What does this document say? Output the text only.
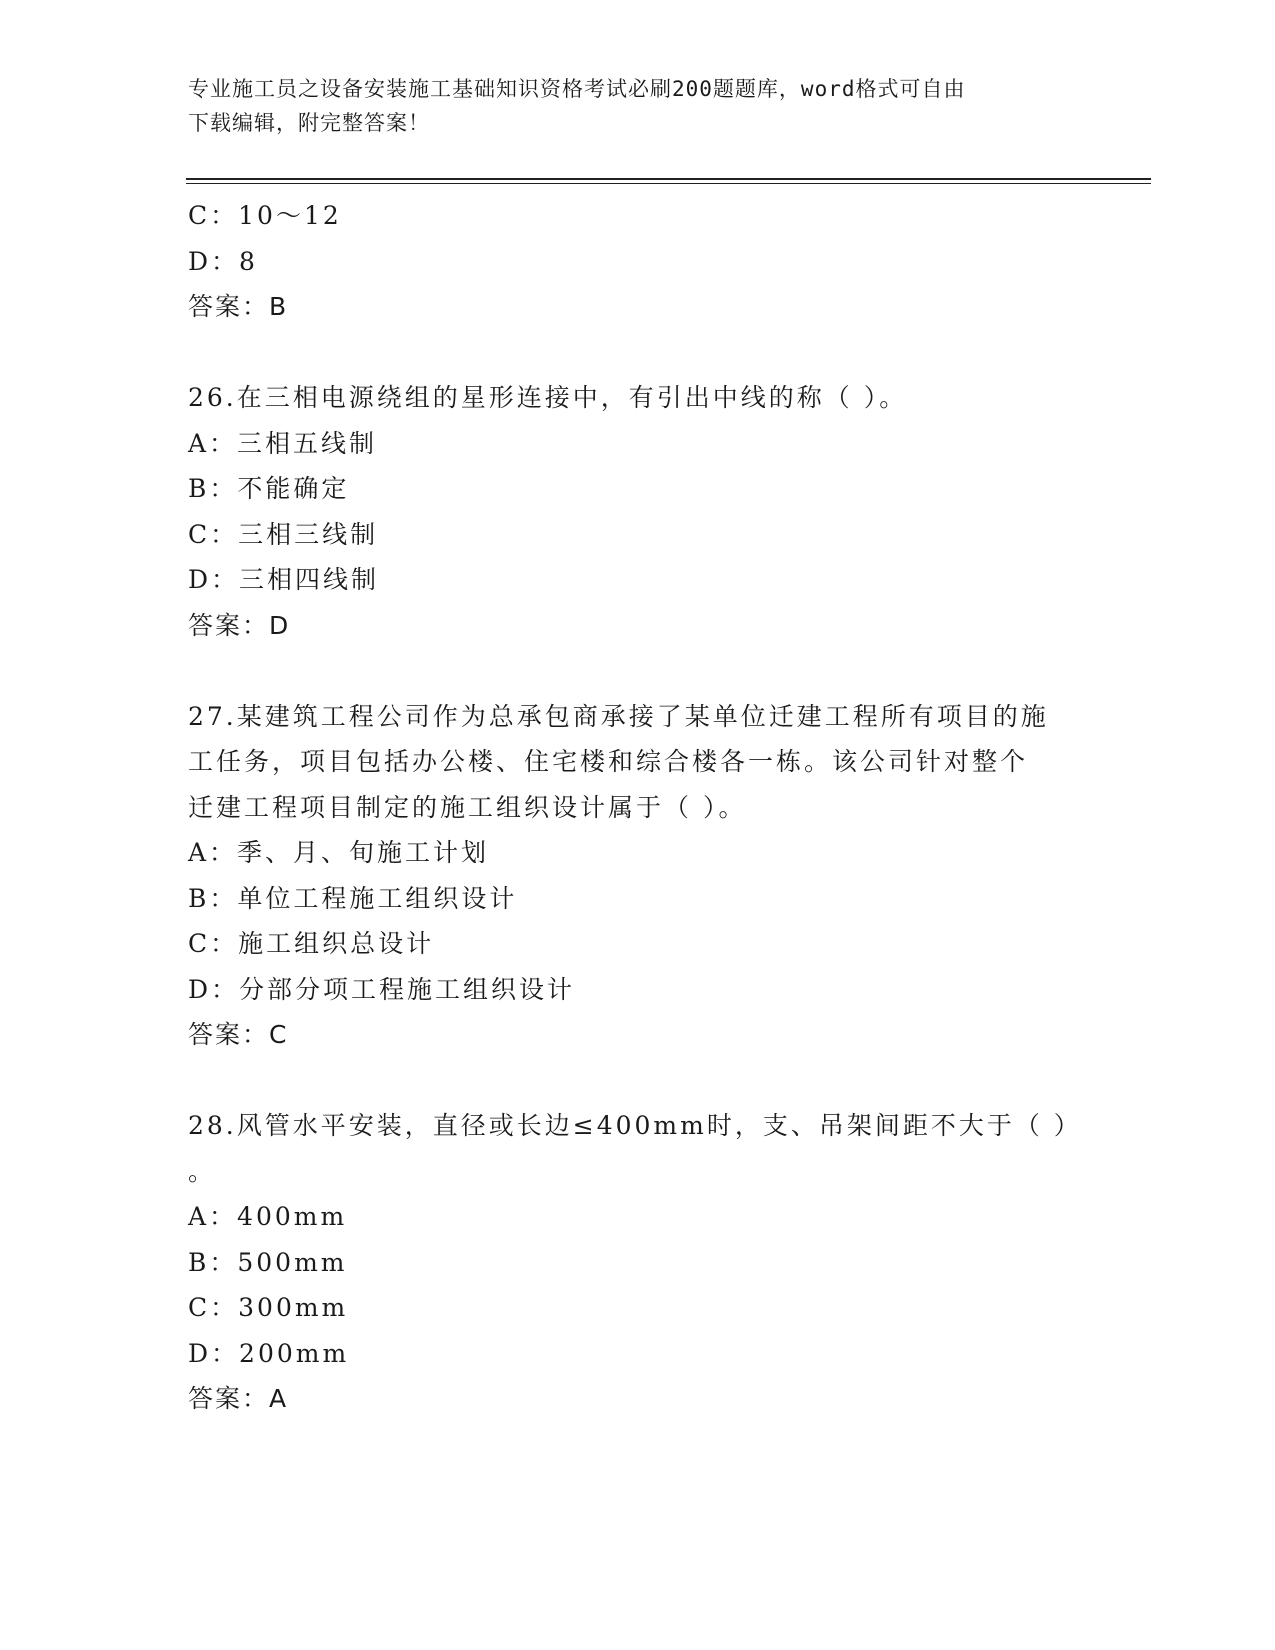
专业施工员之设备安装施工基础知识资格考试必刷200题题库，word格式可自由
下载编辑，附完整答案！
C：10～12
D：8
答案：B
26.在三相电源绕组的星形连接中，有引出中线的称（ ）。
A：三相五线制
B：不能确定
C：三相三线制
D：三相四线制
答案：D
27.某建筑工程公司作为总承包商承接了某单位迁建工程所有项目的施
工任务，项目包括办公楼、住宅楼和综合楼各一栋。该公司针对整个
迁建工程项目制定的施工组织设计属于（ ）。
A：季、月、旬施工计划
B：单位工程施工组织设计
C：施工组织总设计
D：分部分项工程施工组织设计
答案：C
28.风管水平安装，直径或长边≤400mm时，支、吊架间距不大于（ ）
。
A：400mm
B：500mm
C：300mm
D：200mm
答案：A
